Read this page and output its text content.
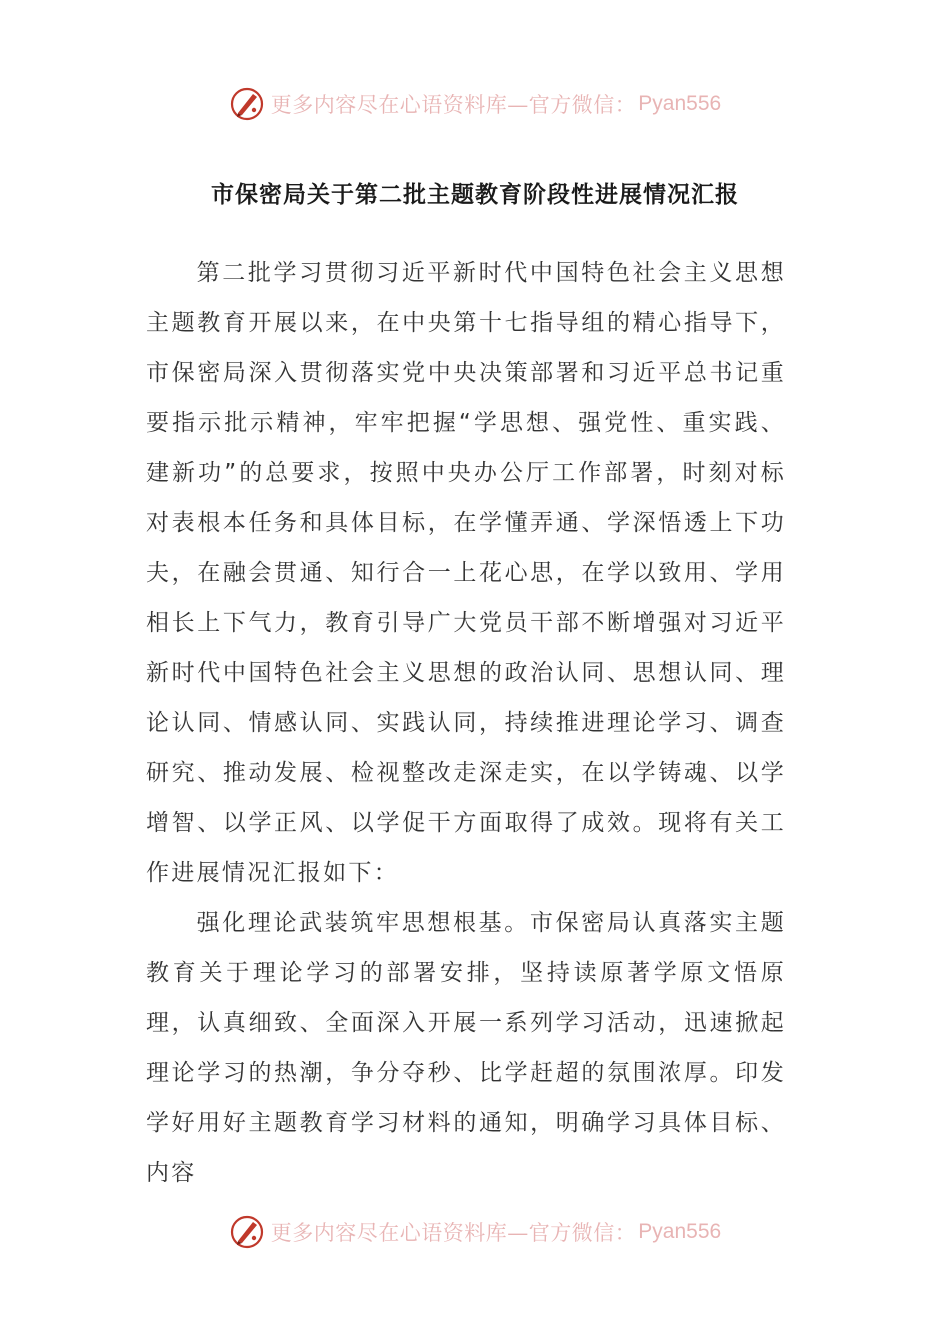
更多内容尽在心语资料库—官方微信： Pyan556
市保密局关于第二批主题教育阶段性进展情况汇报

第二批学习贯彻习近平新时代中国特色社会主义思想主题教育开展以来，在中央第十七指导组的精心指导下，市保密局深入贯彻落实党中央决策部署和习近平总书记重要指示批示精神，牢牢把握“学思想、强党性、重实践、建新功”的总要求，按照中央办公厅工作部署，时刻对标对表根本任务和具体目标，在学懂弄通、学深悟透上下功夫，在融会贯通、知行合一上花心思，在学以致用、学用相长上下气力，教育引导广大党员干部不断增强对习近平新时代中国特色社会主义思想的政治认同、思想认同、理论认同、情感认同、实践认同，持续推进理论学习、调查研究、推动发展、检视整改走深走实，在以学铸魂、以学增智、以学正风、以学促干方面取得了成效。现将有关工作进展情况汇报如下：

强化理论武装筑牢思想根基。市保密局认真落实主题教育关于理论学习的部署安排，坚持读原著学原文悟原理，认真细致、全面深入开展一系列学习活动，迅速掀起理论学习的热潮，争分夺秒、比学赶超的氛围浓厚。印发学好用好主题教育学习材料的通知，明确学习具体目标、内容

更多内容尽在心语资料库—官方微信： Pyan556
